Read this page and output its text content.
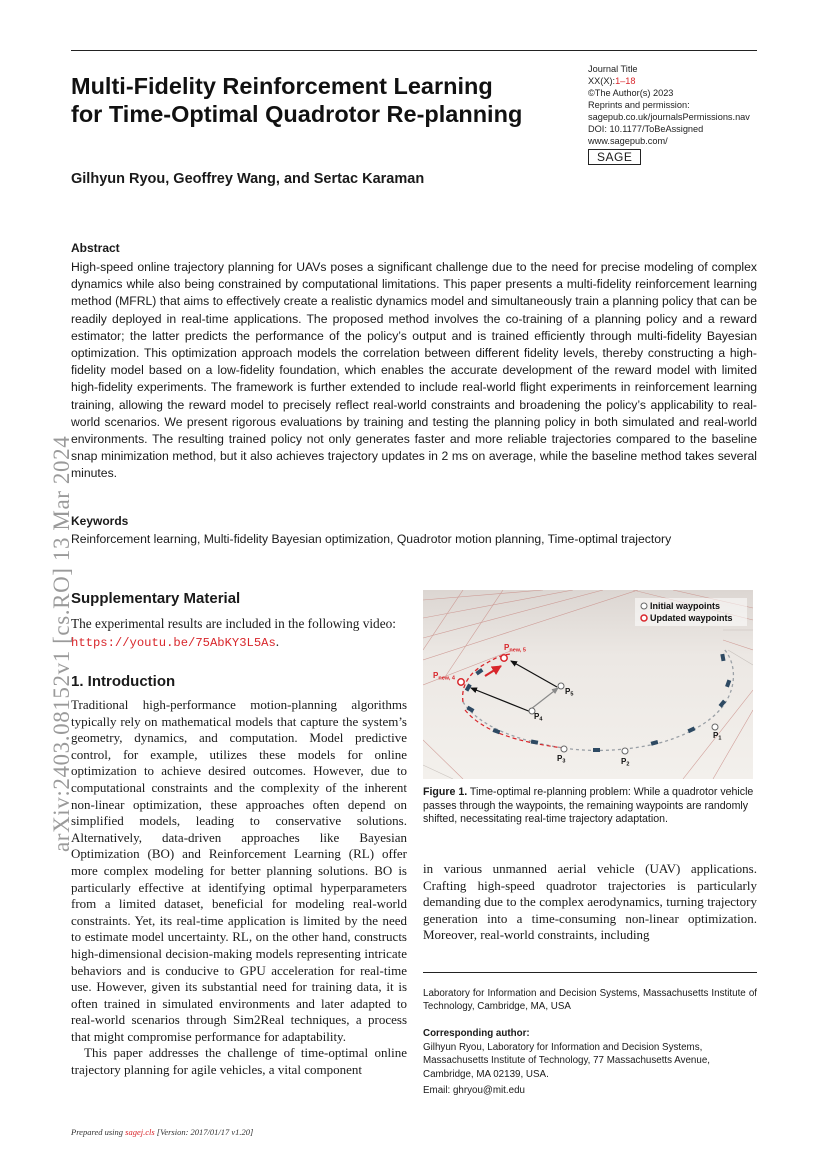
Multi-Fidelity Reinforcement Learning
for Time-Optimal Quadrotor Re-planning
Journal Title
XX(X):1–18
©The Author(s) 2023
Reprints and permission:
sagepub.co.uk/journalsPermissions.nav
DOI: 10.1177/ToBeAssigned
www.sagepub.com/
SAGE
Gilhyun Ryou, Geoffrey Wang, and Sertac Karaman
arXiv:2403.08152v1 [cs.RO] 13 Mar 2024
Abstract
High-speed online trajectory planning for UAVs poses a significant challenge due to the need for precise modeling of complex dynamics while also being constrained by computational limitations. This paper presents a multi-fidelity reinforcement learning method (MFRL) that aims to effectively create a realistic dynamics model and simultaneously train a planning policy that can be readily deployed in real-time applications. The proposed method involves the co-training of a planning policy and a reward estimator; the latter predicts the performance of the policy’s output and is trained efficiently through multi-fidelity Bayesian optimization. This optimization approach models the correlation between different fidelity levels, thereby constructing a high-fidelity model based on a low-fidelity foundation, which enables the accurate development of the reward model with limited high-fidelity experiments. The framework is further extended to include real-world flight experiments in reinforcement learning training, allowing the reward model to precisely reflect real-world constraints and broadening the policy’s applicability to real-world scenarios. We present rigorous evaluations by training and testing the planning policy in both simulated and real-world environments. The resulting trained policy not only generates faster and more reliable trajectories compared to the baseline snap minimization method, but it also achieves trajectory updates in 2 ms on average, while the baseline method takes several minutes.
Keywords
Reinforcement learning, Multi-fidelity Bayesian optimization, Quadrotor motion planning, Time-optimal trajectory
Supplementary Material
The experimental results are included in the following video: https://youtu.be/75AbKY3L5As.
1. Introduction

Traditional high-performance motion-planning algorithms typically rely on mathematical models that capture the system’s geometry, dynamics, and computation. Model predictive control, for example, utilizes these models for online optimization to achieve desired outcomes. However, due to computational constraints and the complexity of the inherent non-linear optimization, these approaches often depend on simplified models, leading to conservative solutions. Alternatively, data-driven approaches like Bayesian Optimization (BO) and Reinforcement Learning (RL) offer more complex modeling for better planning solutions. BO is particularly effective at identifying optimal hyperparameters from a limited dataset, beneficial for modeling real-world constraints. Yet, its real-time application is limited by the need to estimate model uncertainty. RL, on the other hand, constructs high-dimensional decision-making models representing intricate behaviors and is conducive to GPU acceleration for real-time use. However, given its substantial need for training data, it is often trained in simulated environments and later adapted to real-world scenarios through Sim2Real techniques, a process that might compromise performance for adaptability.

This paper addresses the challenge of time-optimal online trajectory planning for agile vehicles, a vital component

Pnew, 5
Pnew, 4
P5
P4
P3	P2
P1
Initial waypoints
Updated waypoints
Figure 1. Time-optimal re-planning problem: While a quadrotor vehicle passes through the waypoints, the remaining waypoints are randomly shifted, necessitating real-time trajectory adaptation.
in various unmanned aerial vehicle (UAV) applications. Crafting high-speed quadrotor trajectories is particularly demanding due to the complex aerodynamics, turning trajectory generation into a time-consuming non-linear optimization. Moreover, real-world constraints, including
Laboratory for Information and Decision Systems, Massachusetts Institute of Technology, Cambridge, MA, USA
Corresponding author:
Gilhyun Ryou, Laboratory for Information and Decision Systems, Massachusetts Institute of Technology, 77 Massachusetts Avenue, Cambridge, MA 02139, USA.
Email: ghryou@mit.edu
Prepared using sagej.cls [Version: 2017/01/17 v1.20]
